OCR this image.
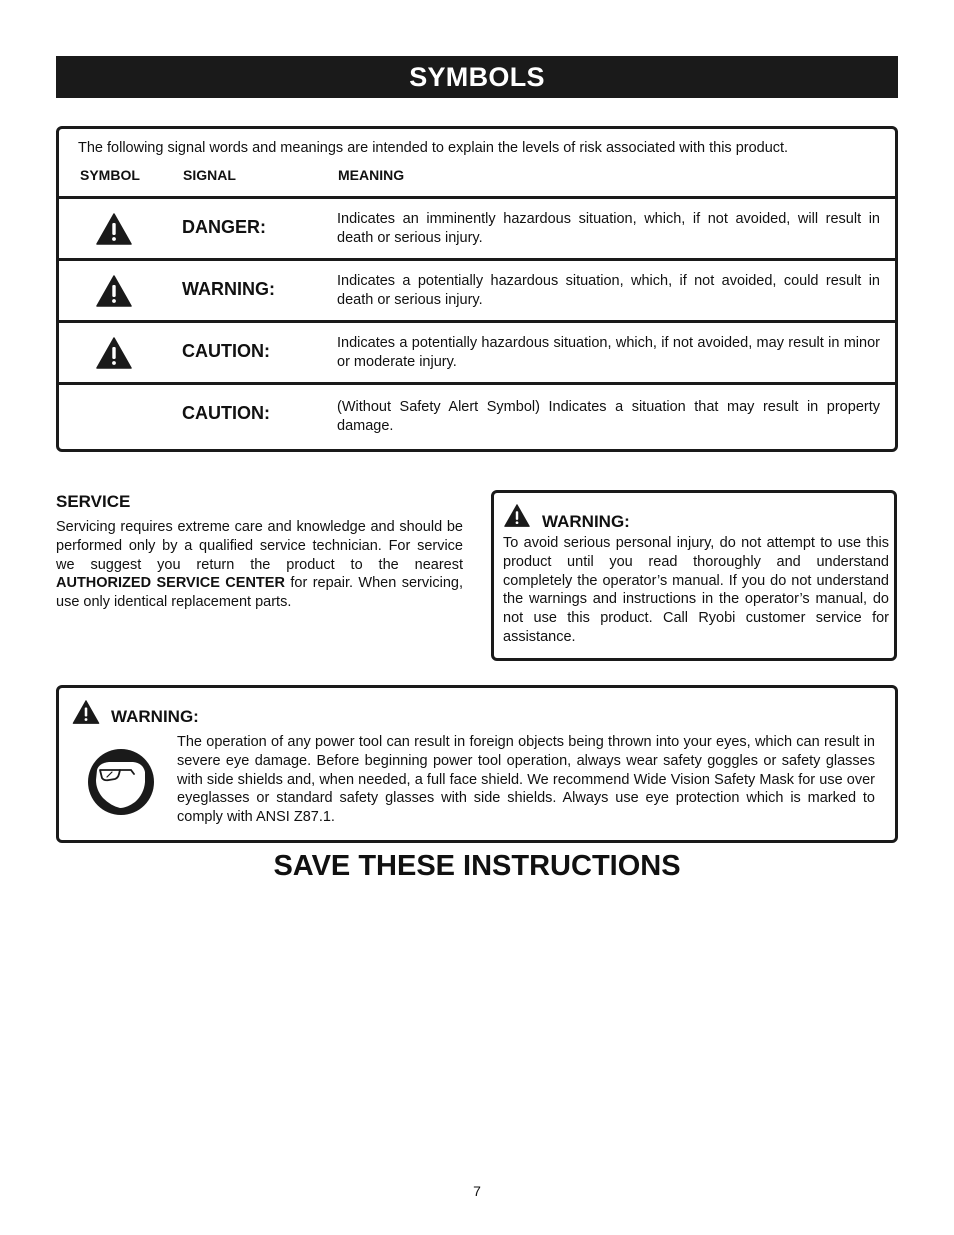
SYMBOLS
The following signal words and meanings are intended to explain the levels of risk associated with this product.
SYMBOL	SIGNAL	MEANING
DANGER:	Indicates an imminently hazardous situation, which, if not avoided, will result in death or serious injury.
WARNING:	Indicates a potentially hazardous situation, which, if not avoided, could result in death or serious injury.
CAUTION:	Indicates a potentially hazardous situation, which, if not avoided, may result in minor or moderate injury.
CAUTION:	(Without Safety Alert Symbol) Indicates a situation that may result in property damage.
SERVICE
Servicing requires extreme care and knowledge and should be performed only by a qualified service technician. For service we suggest you return the product to the nearest AUTHORIZED SERVICE CENTER for repair. When servicing, use only identical replacement parts.
WARNING:
To avoid serious personal injury, do not attempt to use this product until you read thoroughly and understand completely the operator’s manual. If you do not understand the warnings and instructions in the operator’s manual, do not use this product. Call Ryobi customer service for assistance.
WARNING:
The operation of any power tool can result in foreign objects being thrown into your eyes, which can result in severe eye damage. Before beginning power tool operation, always wear safety goggles or safety glasses with side shields and, when needed, a full face shield. We recommend Wide Vision Safety Mask for use over eyeglasses or standard safety glasses with side shields. Always use eye protection which is marked to comply with ANSI Z87.1.
SAVE THESE INSTRUCTIONS
7
